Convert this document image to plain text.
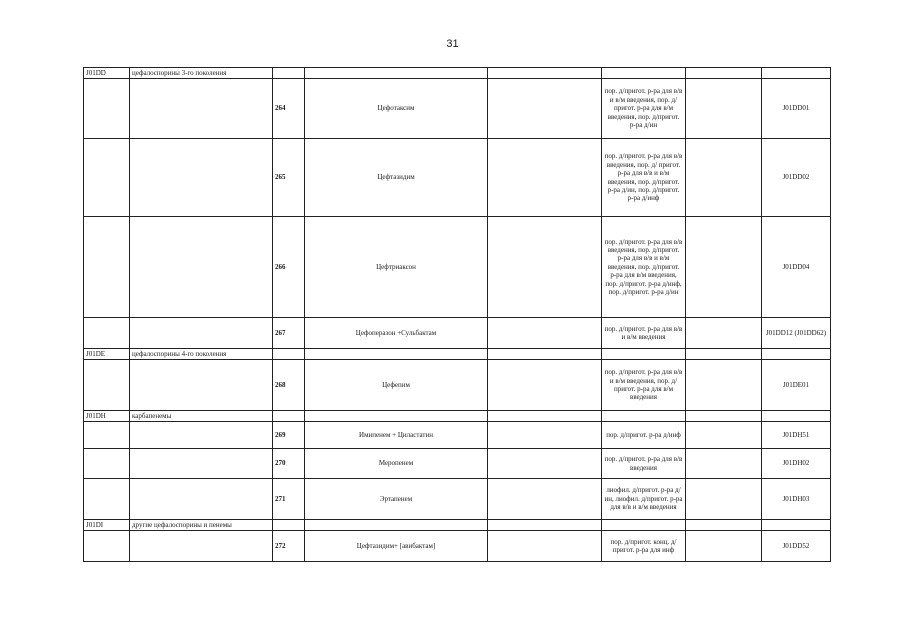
31
J01DD	цефалоспорины 3-го поколения						
		264	Цефотаксим		пор. д/пригот. р-ра для в/в и в/м введения, пор. д/пригот. р-ра для в/м введения, пор. д/пригот. р-ра д/ин		J01DD01
		265	Цефтазидим		пор. д/пригот. р-ра для в/в введения, пор. д/ пригот. р-ра для в/в и в/м введения, пор. д/пригот. р-ра д/ин, пор. д/пригот. р-ра д/инф		J01DD02
		266	Цефтриаксон		пор. д/пригот. р-ра для в/в введения, пор. д/пригот. р-ра для в/в и в/м введения, пор. д/пригот. р-ра для в/м введения, пор. д/пригот. р-ра д/инф, пор. д/пригот. р-ра д/ин		J01DD04
		267	Цефоперазон +Сульбактам		пор. д/пригот. р-ра для в/в и в/м введения		J01DD12 (J01DD62)
J01DE	цефалоспорины 4-го поколения						
		268	Цефепим		пор. д/пригот. р-ра для в/в и в/м введения, пор. д/пригот. р-ра для в/м введения		J01DE01
J01DH	карбапенемы						
		269	Имипенем + Циластатин		пор. д/пригот. р-ра д/инф		J01DH51
		270	Меропенем		пор. д/пригот. р-ра для в/в введения		J01DH02
		271	Эртапенем		лиофил. д/пригот. р-ра д/ин, лиофил. д/пригот. р-ра для в/в и в/м введения		J01DH03
J01DI	другие цефалоспорины и пенемы						
		272	Цефтазидим+ [авибактам]		пор. д/пригот. конц. д/пригот. р-ра для инф		J01DD52
